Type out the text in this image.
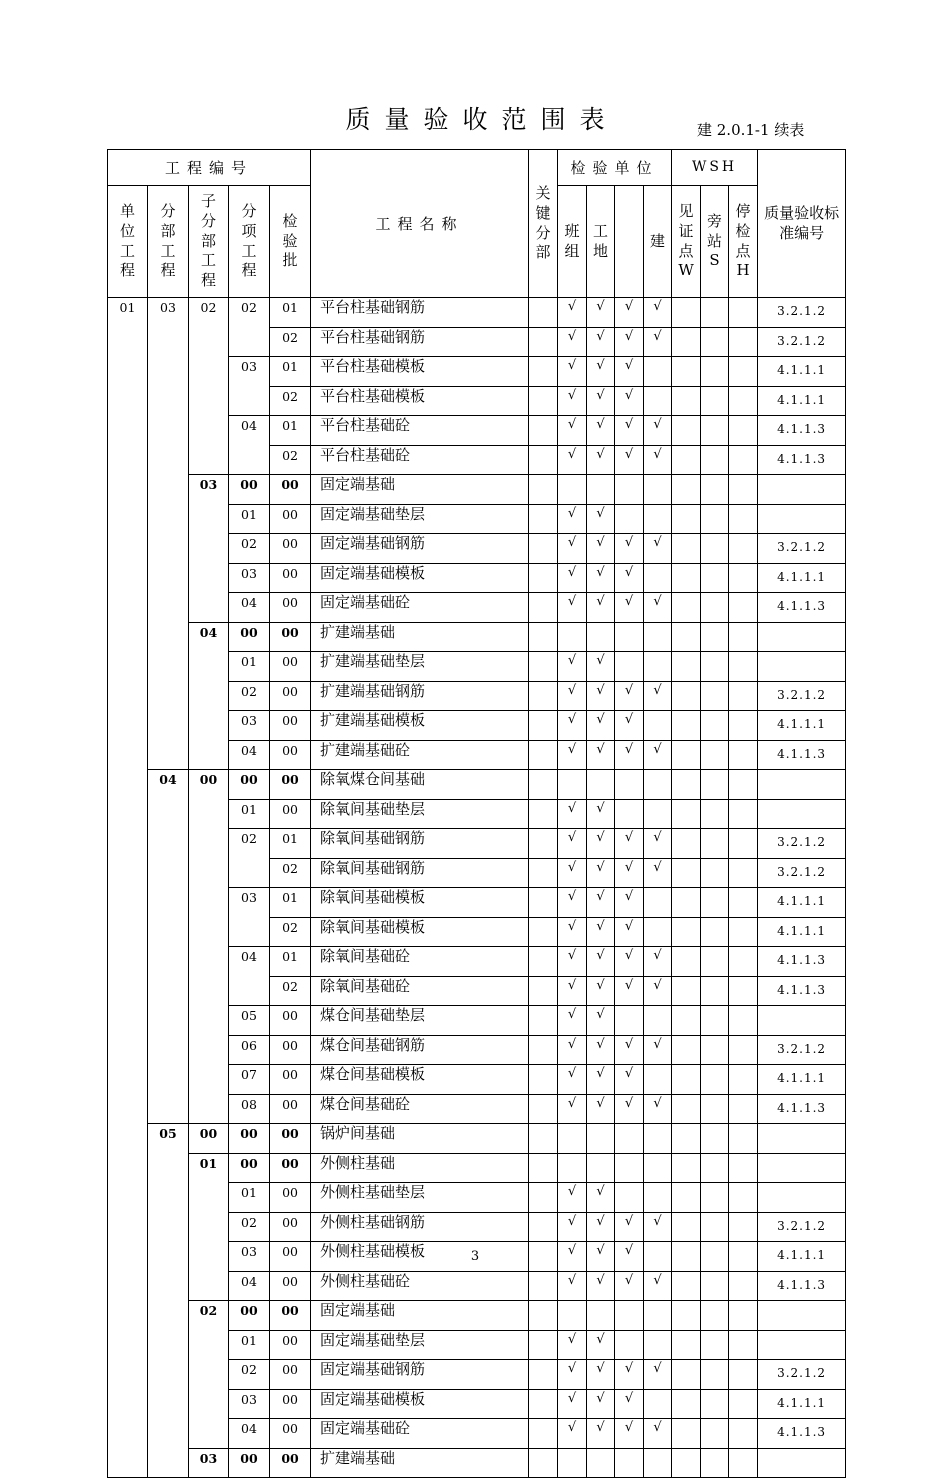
质量验收范围表	建 2.0.1-1 续表
工程编号					工程名称	关键分部	检验单位				WSH			质量验收标准编号
单位工程	分部工程	子分部工程	分项工程	检验批			班组	工地		建	见证点W	旁站S	停检点H	
01	03	02	02	01	平台柱基础钢筋		√	√	√	√				3.2.1.2
				02	平台柱基础钢筋		√	√	√	√				3.2.1.2
			03	01	平台柱基础模板		√	√	√					4.1.1.1
				02	平台柱基础模板		√	√	√					4.1.1.1
			04	01	平台柱基础砼		√	√	√	√				4.1.1.3
				02	平台柱基础砼		√	√	√	√				4.1.1.3
		03	00	00	固定端基础									
			01	00	固定端基础垫层		√	√						
			02	00	固定端基础钢筋		√	√	√	√				3.2.1.2
			03	00	固定端基础模板		√	√	√					4.1.1.1
			04	00	固定端基础砼		√	√	√	√				4.1.1.3
		04	00	00	扩建端基础									
			01	00	扩建端基础垫层		√	√						
			02	00	扩建端基础钢筋		√	√	√	√				3.2.1.2
			03	00	扩建端基础模板		√	√	√					4.1.1.1
			04	00	扩建端基础砼		√	√	√	√				4.1.1.3
	04	00	00	00	除氧煤仓间基础									
			01	00	除氧间基础垫层		√	√						
			02	01	除氧间基础钢筋		√	√	√	√				3.2.1.2
				02	除氧间基础钢筋		√	√	√	√				3.2.1.2
			03	01	除氧间基础模板		√	√	√					4.1.1.1
				02	除氧间基础模板		√	√	√					4.1.1.1
			04	01	除氧间基础砼		√	√	√	√				4.1.1.3
				02	除氧间基础砼		√	√	√	√				4.1.1.3
			05	00	煤仓间基础垫层		√	√						
			06	00	煤仓间基础钢筋		√	√	√	√				3.2.1.2
			07	00	煤仓间基础模板		√	√	√					4.1.1.1
			08	00	煤仓间基础砼		√	√	√	√				4.1.1.3
	05	00	00	00	锅炉间基础									
		01	00	00	外侧柱基础									
			01	00	外侧柱基础垫层		√	√						
			02	00	外侧柱基础钢筋		√	√	√	√				3.2.1.2
			03	00	外侧柱基础模板		√	√	√					4.1.1.1
			04	00	外侧柱基础砼		√	√	√	√				4.1.1.3
		02	00	00	固定端基础									
			01	00	固定端基础垫层		√	√						
			02	00	固定端基础钢筋		√	√	√	√				3.2.1.2
			03	00	固定端基础模板		√	√	√					4.1.1.1
			04	00	固定端基础砼		√	√	√	√				4.1.1.3
		03	00	00	扩建端基础									
3
